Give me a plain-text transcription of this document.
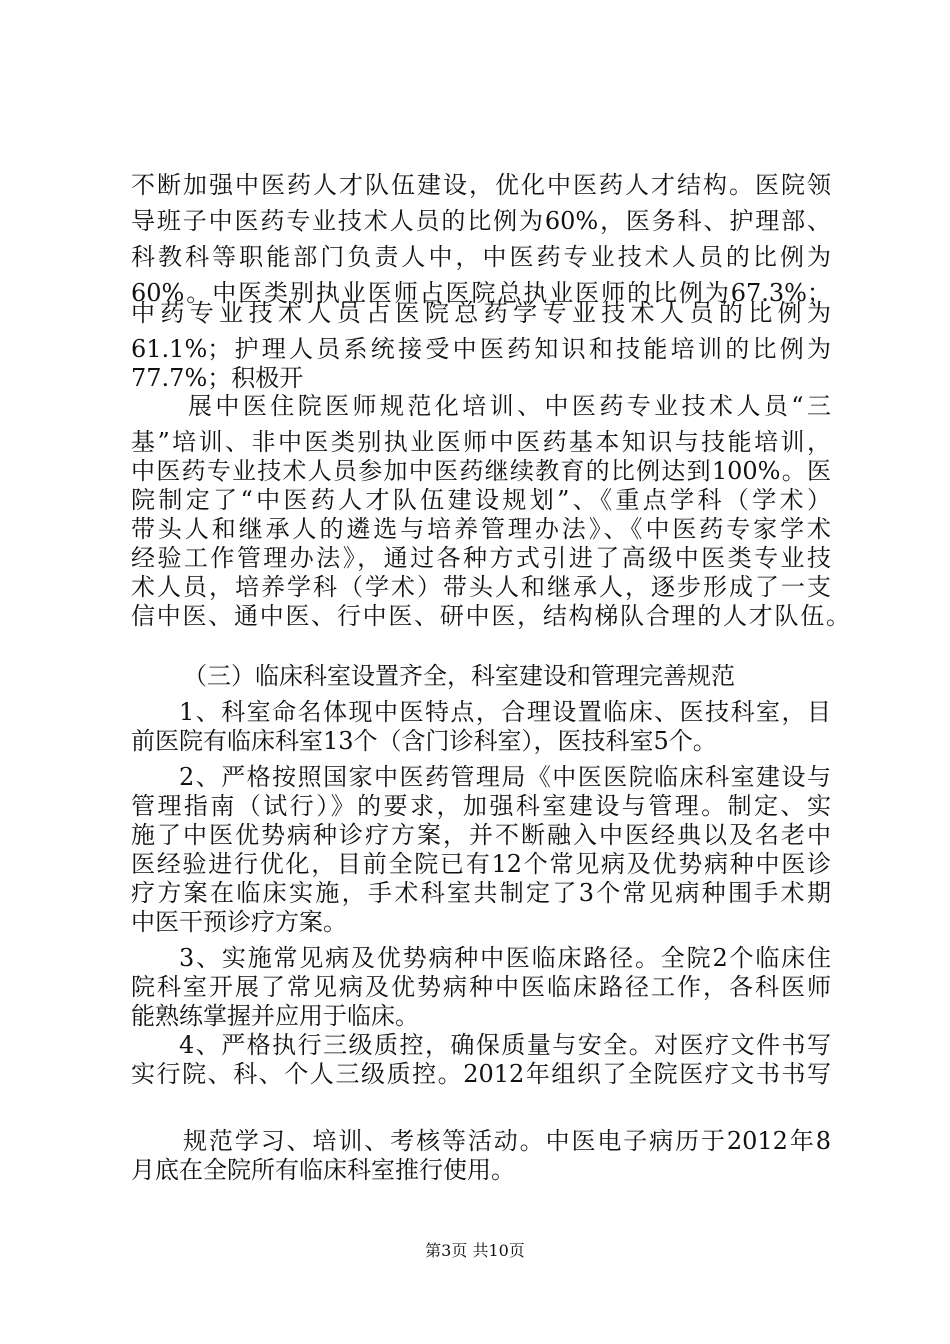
不断加强中医药人才队伍建设，优化中医药人才结构。医院领
导班子中医药专业技术人员的比例为60%，医务科、护理部、
科教科等职能部门负责人中，中医药专业技术人员的比例为
60%。中医类别执业医师占医院总执业医师的比例为67.3%；
中药专业技术人员占医院总药学专业技术人员的比例为
61.1%；护理人员系统接受中医药知识和技能培训的比例为
77.7%；积极开
展中医住院医师规范化培训、中医药专业技术人员“三
基”培训、非中医类别执业医师中医药基本知识与技能培训，
中医药专业技术人员参加中医药继续教育的比例达到100%。医
院制定了“中医药人才队伍建设规划”、《重点学科（学术）
带头人和继承人的遴选与培养管理办法》、《中医药专家学术
经验工作管理办法》，通过各种方式引进了高级中医类专业技
术人员，培养学科（学术）带头人和继承人，逐步形成了一支
信中医、通中医、行中医、研中医，结构梯队合理的人才队伍。
（三）临床科室设置齐全，科室建设和管理完善规范
1、科室命名体现中医特点，合理设置临床、医技科室，目
前医院有临床科室13个（含门诊科室），医技科室5个。
2、严格按照国家中医药管理局《中医医院临床科室建设与
管理指南（试行）》的要求，加强科室建设与管理。制定、实
施了中医优势病种诊疗方案，并不断融入中医经典以及名老中
医经验进行优化，目前全院已有12个常见病及优势病种中医诊
疗方案在临床实施，手术科室共制定了3个常见病种围手术期
中医干预诊疗方案。
3、实施常见病及优势病种中医临床路径。全院2个临床住
院科室开展了常见病及优势病种中医临床路径工作，各科医师
能熟练掌握并应用于临床。
4、严格执行三级质控，确保质量与安全。对医疗文件书写
实行院、科、个人三级质控。2012年组织了全院医疗文书书写
规范学习、培训、考核等活动。中医电子病历于2012年8
月底在全院所有临床科室推行使用。
第3页 共10页
